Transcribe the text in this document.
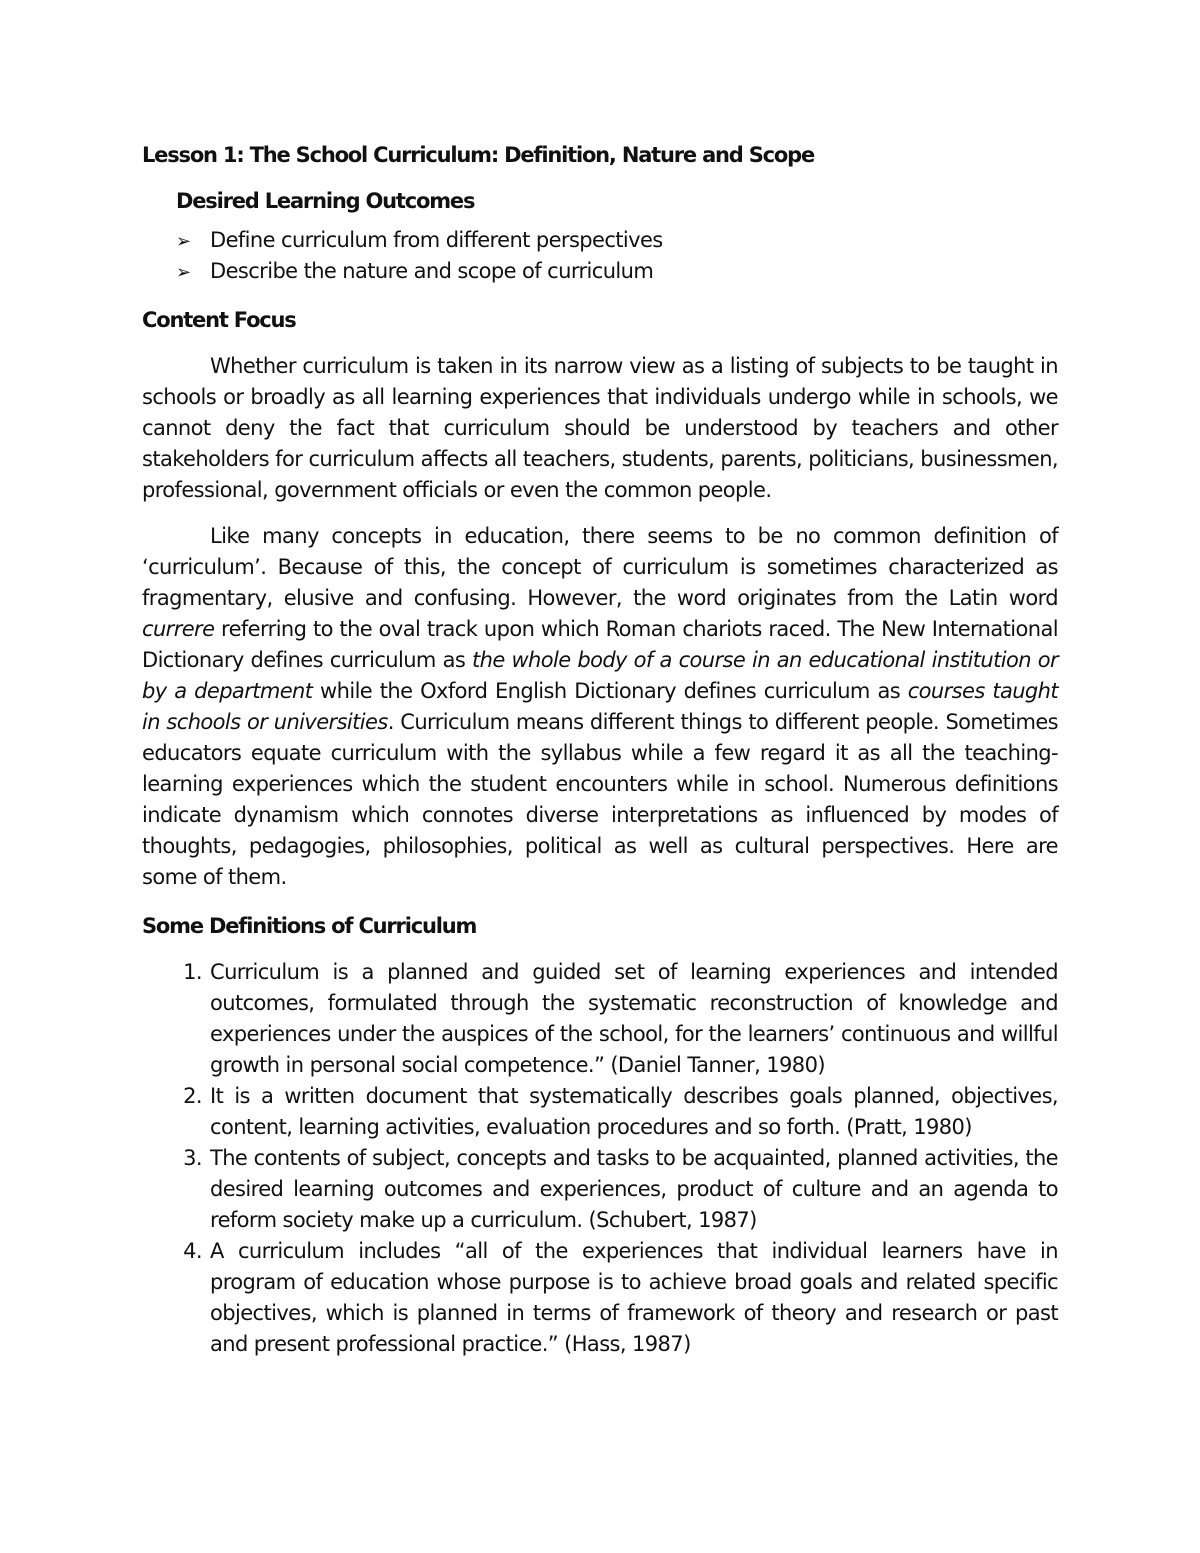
Lesson 1: The School Curriculum: Definition, Nature and Scope
Desired Learning Outcomes
➢ Define curriculum from different perspectives
➢ Describe the nature and scope of curriculum
Content Focus

Whether curriculum is taken in its narrow view as a listing of subjects to be taught in schools or broadly as all learning experiences that individuals undergo while in schools, we cannot deny the fact that curriculum should be understood by teachers and other stakeholders for curriculum affects all teachers, students, parents, politicians, businessmen, professional, government officials or even the common people.

Like many concepts in education, there seems to be no common definition of ‘curriculum’. Because of this, the concept of curriculum is sometimes characterized as fragmentary, elusive and confusing. However, the word originates from the Latin word currere referring to the oval track upon which Roman chariots raced. The New International Dictionary defines curriculum as the whole body of a course in an educational institution or by a department while the Oxford English Dictionary defines curriculum as courses taught in schools or universities. Curriculum means different things to different people. Sometimes educators equate curriculum with the syllabus while a few regard it as all the teaching-learning experiences which the student encounters while in school. Numerous definitions indicate dynamism which connotes diverse interpretations as influenced by modes of thoughts, pedagogies, philosophies, political as well as cultural perspectives. Here are some of them.

Some Definitions of Curriculum
1. Curriculum is a planned and guided set of learning experiences and intended outcomes, formulated through the systematic reconstruction of knowledge and experiences under the auspices of the school, for the learners’ continuous and willful growth in personal social competence.” (Daniel Tanner, 1980)
2. It is a written document that systematically describes goals planned, objectives, content, learning activities, evaluation procedures and so forth. (Pratt, 1980)
3. The contents of subject, concepts and tasks to be acquainted, planned activities, the desired learning outcomes and experiences, product of culture and an agenda to reform society make up a curriculum. (Schubert, 1987)
4. A curriculum includes “all of the experiences that individual learners have in program of education whose purpose is to achieve broad goals and related specific objectives, which is planned in terms of framework of theory and research or past and present professional practice.” (Hass, 1987)
